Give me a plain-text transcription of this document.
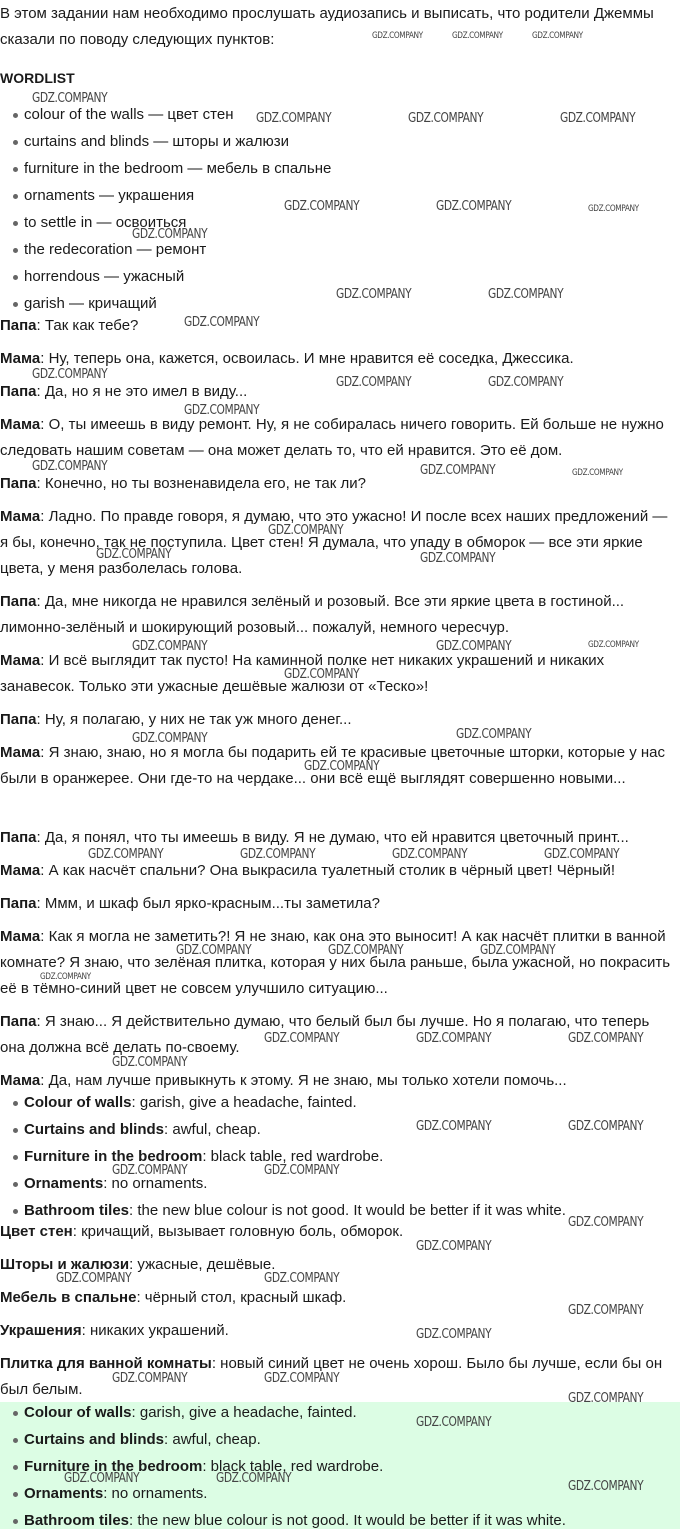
В этом задании нам необходимо прослушать аудиозапись и выписать, что родители Джеммы сказали по поводу следующих пунктов:
WORDLIST
colour of the walls — цвет стен
curtains and blinds — шторы и жалюзи
furniture in the bedroom — мебель в спальне
ornaments — украшения
to settle in — освоиться
the redecoration — ремонт
horrendous — ужасный
garish — кричащий
Папа: Так как тебе?
Мама: Ну, теперь она, кажется, освоилась. И мне нравится её соседка, Джессика.
Папа: Да, но я не это имел в виду...
Мама: О, ты имеешь в виду ремонт. Ну, я не собиралась ничего говорить. Ей больше не нужно следовать нашим советам — она может делать то, что ей нравится. Это её дом.
Папа: Конечно, но ты возненавидела его, не так ли?
Мама: Ладно. По правде говоря, я думаю, что это ужасно! И после всех наших предложений — я бы, конечно, так не поступила. Цвет стен! Я думала, что упаду в обморок — все эти яркие цвета, у меня разболелась голова.
Папа: Да, мне никогда не нравился зелёный и розовый. Все эти яркие цвета в гостиной... лимонно-зелёный и шокирующий розовый... пожалуй, немного чересчур.
Мама: И всё выглядит так пусто! На каминной полке нет никаких украшений и никаких занавесок. Только эти ужасные дешёвые жалюзи от «Теско»!
Папа: Ну, я полагаю, у них не так уж много денег...
Мама: Я знаю, знаю, но я могла бы подарить ей те красивые цветочные шторки, которые у нас были в оранжерее. Они где-то на чердаке... они всё ещё выглядят совершенно новыми...
Папа: Да, я понял, что ты имеешь в виду. Я не думаю, что ей нравится цветочный принт...
Мама: А как насчёт спальни? Она выкрасила туалетный столик в чёрный цвет! Чёрный!
Папа: Ммм, и шкаф был ярко-красным...ты заметила?
Мама: Как я могла не заметить?! Я не знаю, как она это выносит! А как насчёт плитки в ванной комнате? Я знаю, что зелёная плитка, которая у них была раньше, была ужасной, но покрасить её в тёмно-синий цвет не совсем улучшило ситуацию...
Папа: Я знаю... Я действительно думаю, что белый был бы лучше. Но я полагаю, что теперь она должна всё делать по-своему.
Мама: Да, нам лучше привыкнуть к этому. Я не знаю, мы только хотели помочь...
Colour of walls: garish, give a headache, fainted.
Curtains and blinds: awful, cheap.
Furniture in the bedroom: black table, red wardrobe.
Ornaments: no ornaments.
Bathroom tiles: the new blue colour is not good. It would be better if it was white.
Цвет стен: кричащий, вызывает головную боль, обморок.
Шторы и жалюзи: ужасные, дешёвые.
Мебель в спальне: чёрный стол, красный шкаф.
Украшения: никаких украшений.
Плитка для ванной комнаты: новый синий цвет не очень хорош. Было бы лучше, если бы он был белым.
Colour of walls: garish, give a headache, fainted.
Curtains and blinds: awful, cheap.
Furniture in the bedroom: black table, red wardrobe.
Ornaments: no ornaments.
Bathroom tiles: the new blue colour is not good. It would be better if it was white.
GDZ.COMPANY	GDZ.COMPANY	GDZ.COMPANY
GDZ.COMPANY
GDZ.COMPANY	GDZ.COMPANY	GDZ.COMPANY
GDZ.COMPANY	GDZ.COMPANY	GDZ.COMPANY
GDZ.COMPANY
GDZ.COMPANY	GDZ.COMPANY
GDZ.COMPANY
GDZ.COMPANY
GDZ.COMPANY	GDZ.COMPANY
GDZ.COMPANY
GDZ.COMPANY	GDZ.COMPANY	GDZ.COMPANY
GDZ.COMPANY
GDZ.COMPANY	GDZ.COMPANY
GDZ.COMPANY	GDZ.COMPANY	GDZ.COMPANY
GDZ.COMPANY
GDZ.COMPANY
GDZ.COMPANY
GDZ.COMPANY
GDZ.COMPANY	GDZ.COMPANY	GDZ.COMPANY	GDZ.COMPANY
GDZ.COMPANY	GDZ.COMPANY	GDZ.COMPANY
GDZ.COMPANY
GDZ.COMPANY	GDZ.COMPANY	GDZ.COMPANY
GDZ.COMPANY
GDZ.COMPANY	GDZ.COMPANY
GDZ.COMPANY	GDZ.COMPANY
GDZ.COMPANY
GDZ.COMPANY
GDZ.COMPANY	GDZ.COMPANY
GDZ.COMPANY
GDZ.COMPANY
GDZ.COMPANY	GDZ.COMPANY
GDZ.COMPANY
GDZ.COMPANY
GDZ.COMPANY	GDZ.COMPANY
GDZ.COMPANY
